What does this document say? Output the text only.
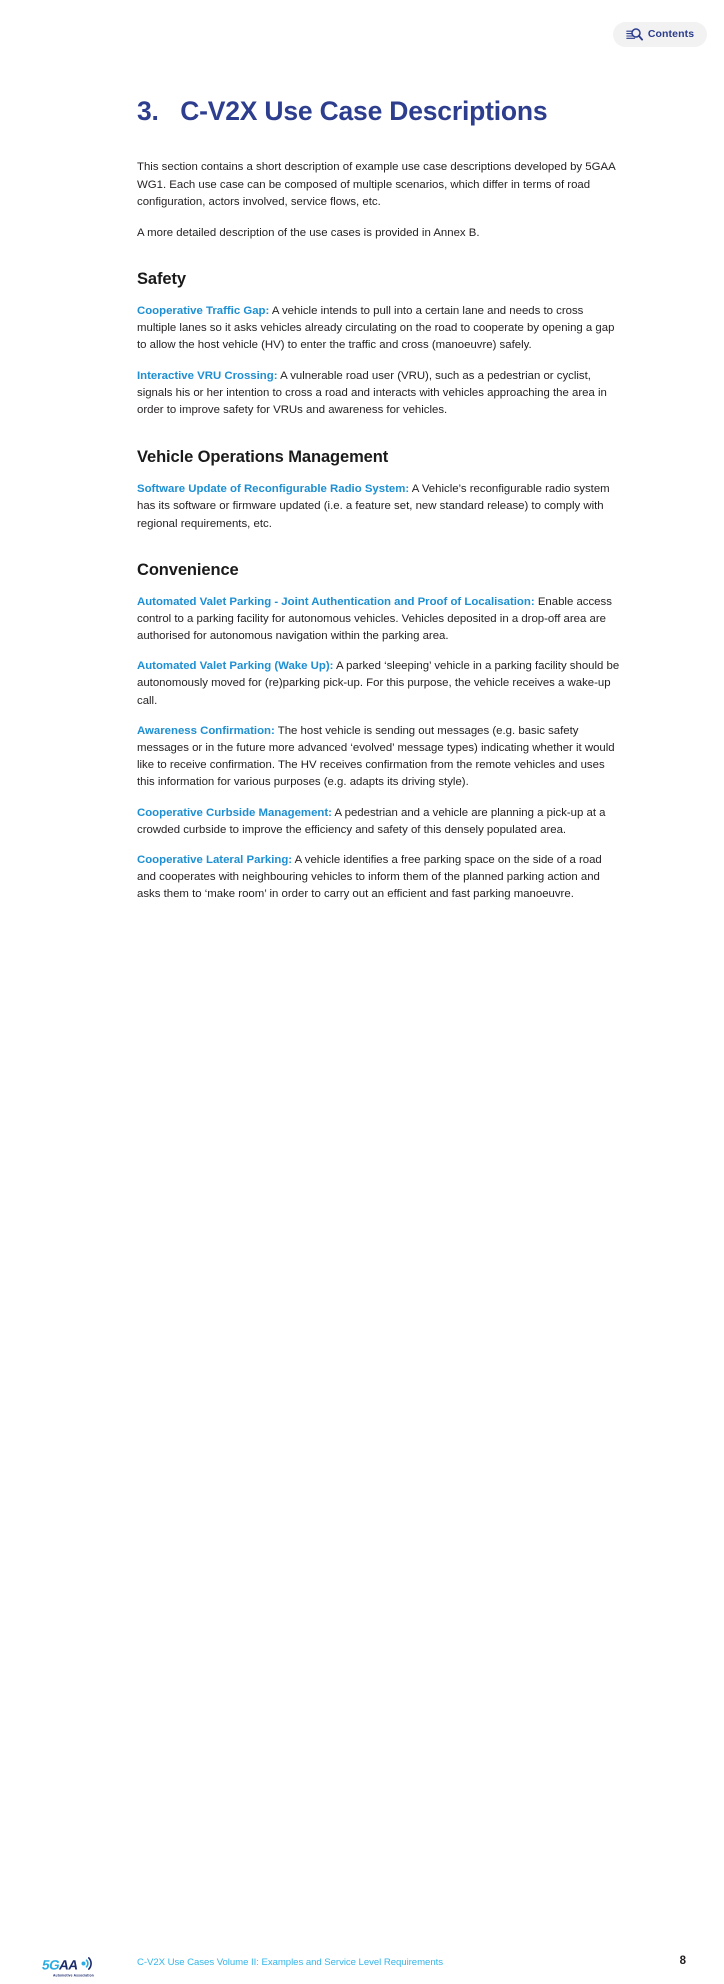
Contents
3.   C-V2X Use Case Descriptions

This section contains a short description of example use case descriptions developed by 5GAA WG1. Each use case can be composed of multiple scenarios, which differ in terms of road configuration, actors involved, service flows, etc.

A more detailed description of the use cases is provided in Annex B.

Safety

Cooperative Traffic Gap: A vehicle intends to pull into a certain lane and needs to cross multiple lanes so it asks vehicles already circulating on the road to cooperate by opening a gap to allow the host vehicle (HV) to enter the traffic and cross (manoeuvre) safely.

Interactive VRU Crossing: A vulnerable road user (VRU), such as a pedestrian or cyclist, signals his or her intention to cross a road and interacts with vehicles approaching the area in order to improve safety for VRUs and awareness for vehicles.

Vehicle Operations Management

Software Update of Reconfigurable Radio System: A Vehicle’s reconfigurable radio system has its software or firmware updated (i.e. a feature set, new standard release) to comply with regional requirements, etc.

Convenience

Automated Valet Parking - Joint Authentication and Proof of Localisation: Enable access control to a parking facility for autonomous vehicles. Vehicles deposited in a drop-off area are authorised for autonomous navigation within the parking area.

Automated Valet Parking (Wake Up): A parked ‘sleeping’ vehicle in a parking facility should be autonomously moved for (re)parking pick-up. For this purpose, the vehicle receives a wake-up call.

Awareness Confirmation: The host vehicle is sending out messages (e.g. basic safety messages or in the future more advanced ‘evolved’ message types) indicating whether it would like to receive confirmation. The HV receives confirmation from the remote vehicles and uses this information for various purposes (e.g. adapts its driving style).

Cooperative Curbside Management: A pedestrian and a vehicle are planning a pick-up at a crowded curbside to improve the efficiency and safety of this densely populated area.

Cooperative Lateral Parking: A vehicle identifies a free parking space on the side of a road and cooperates with neighbouring vehicles to inform them of the planned parking action and asks them to ‘make room’ in order to carry out an efficient and fast parking manoeuvre.

5G
AA
Automotive Association
C-V2X Use Cases Volume II: Examples and Service Level Requirements	8
